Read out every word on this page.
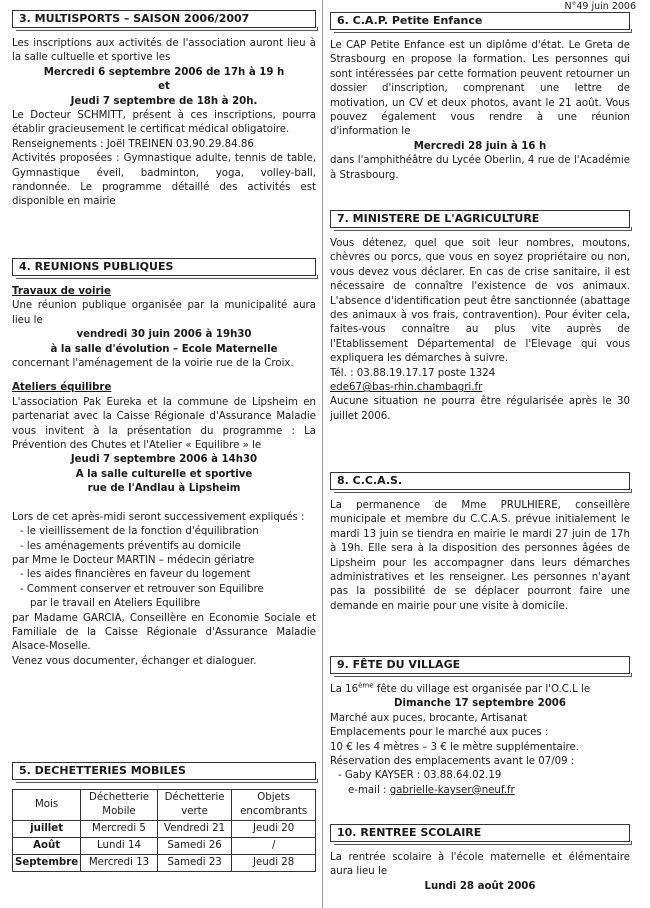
N°49 juin 2006
3. MULTISPORTS – SAISON 2006/2007

Les inscriptions aux activités de l'association auront lieu à la salle cultuelle et sportive les

Mercredi 6 septembre 2006 de 17h à 19 h

et

Jeudi 7 septembre de 18h à 20h.

Le Docteur SCHMITT, présent à ces inscriptions, pourra établir gracieusement le certificat médical obligatoire.

Renseignements : Joël TREINEN 03.90.29.84.86

Activités proposées : Gymnastique adulte, tennis de table, Gymnastique éveil, badminton, yoga, volley-ball, randonnée. Le programme détaillé des activités est disponible en mairie

4. REUNIONS PUBLIQUES

Travaux de voirie

Une réunion publique organisée par la municipalité aura lieu le

vendredi 30 juin 2006 à 19h30

à la salle d'évolution – Ecole Maternelle

concernant l'aménagement de la voirie rue de la Croix.

Ateliers équilibre

L'association Pak Eureka et la commune de Lipsheim en partenariat avec la Caisse Régionale d'Assurance Maladie vous invitent à la présentation du programme : La Prévention des Chutes et l'Atelier « Equilibre » le

Jeudi 7 septembre 2006 à 14h30

A la salle culturelle et sportive

rue de l'Andlau à Lipsheim

Lors de cet après-midi seront successivement expliqués :

- le vieillissement de la fonction d'équilibration

- les aménagements préventifs au domicile

par Mme le Docteur MARTIN – médecin gériatre

- les aides financières en faveur du logement

- Comment conserver et retrouver son Equilibre

par le travail en Ateliers Equilibre

par Madame GARCIA, Conseillère en Economie Sociale et Familiale de la Caisse Régionale d'Assurance Maladie Alsace-Moselle.

Venez vous documenter, échanger et dialoguer.

5. DECHETTERIES MOBILES
Mois	Déchetterie Mobile	Déchetterie verte	Objets encombrants
juillet	Mercredi 5	Vendredi 21	Jeudi 20
Août	Lundi 14	Samedi 26	/
Septembre	Mercredi 13	Samedi 23	Jeudi 28
6. C.A.P. Petite Enfance

Le CAP Petite Enfance est un diplôme d'état. Le Greta de Strasbourg en propose la formation. Les personnes qui sont intéressées par cette formation peuvent retourner un dossier d'inscription, comprenant une lettre de motivation, un CV et deux photos, avant le 21 août. Vous pouvez également vous rendre à une réunion d'information le

Mercredi 28 juin à 16 h

dans l'amphithéâtre du Lycée Oberlin, 4 rue de l'Académie à Strasbourg.

7. MINISTERE DE L'AGRICULTURE

Vous détenez, quel que soit leur nombres, moutons, chèvres ou porcs, que vous en soyez propriétaire ou non, vous devez vous déclarer. En cas de crise sanitaire, il est nécessaire de connaître l'existence de vos animaux. L'absence d'identification peut être sanctionnée (abattage des animaux à vos frais, contravention). Pour éviter cela, faites-vous connaître au plus vite auprès de l'Etablissement Départemental de l'Elevage qui vous expliquera les démarches à suivre.

Tél. : 03.88.19.17.17 poste 1324

ede67@bas-rhin.chambagri.fr

Aucune situation ne pourra être régularisée après le 30 juillet 2006.

8. C.C.A.S.

La permanence de Mme PRULHIERE, conseillère municipale et membre du C.C.A.S. prévue initialement le mardi 13 juin se tiendra en mairie le mardi 27 juin de 17h à 19h. Elle sera à la disposition des personnes âgées de Lipsheim pour les accompagner dans leurs démarches administratives et les renseigner. Les personnes n'ayant pas la possibilité de se déplacer pourront faire une demande en mairie pour une visite à domicile.

9. FÊTE DU VILLAGE

La 16ème fête du village est organisée par l'O.C.L le

Dimanche 17 septembre 2006

Marché aux puces, brocante, Artisanat

Emplacements pour le marché aux puces :

10 € les 4 mètres – 3 € le mètre supplémentaire.

Réservation des emplacements avant le 07/09 :

- Gaby KAYSER : 03.88.64.02.19

e-mail : gabrielle-kayser@neuf.fr

10. RENTREE SCOLAIRE

La rentrée scolaire à l'école maternelle et élémentaire aura lieu le

Lundi 28 août 2006
